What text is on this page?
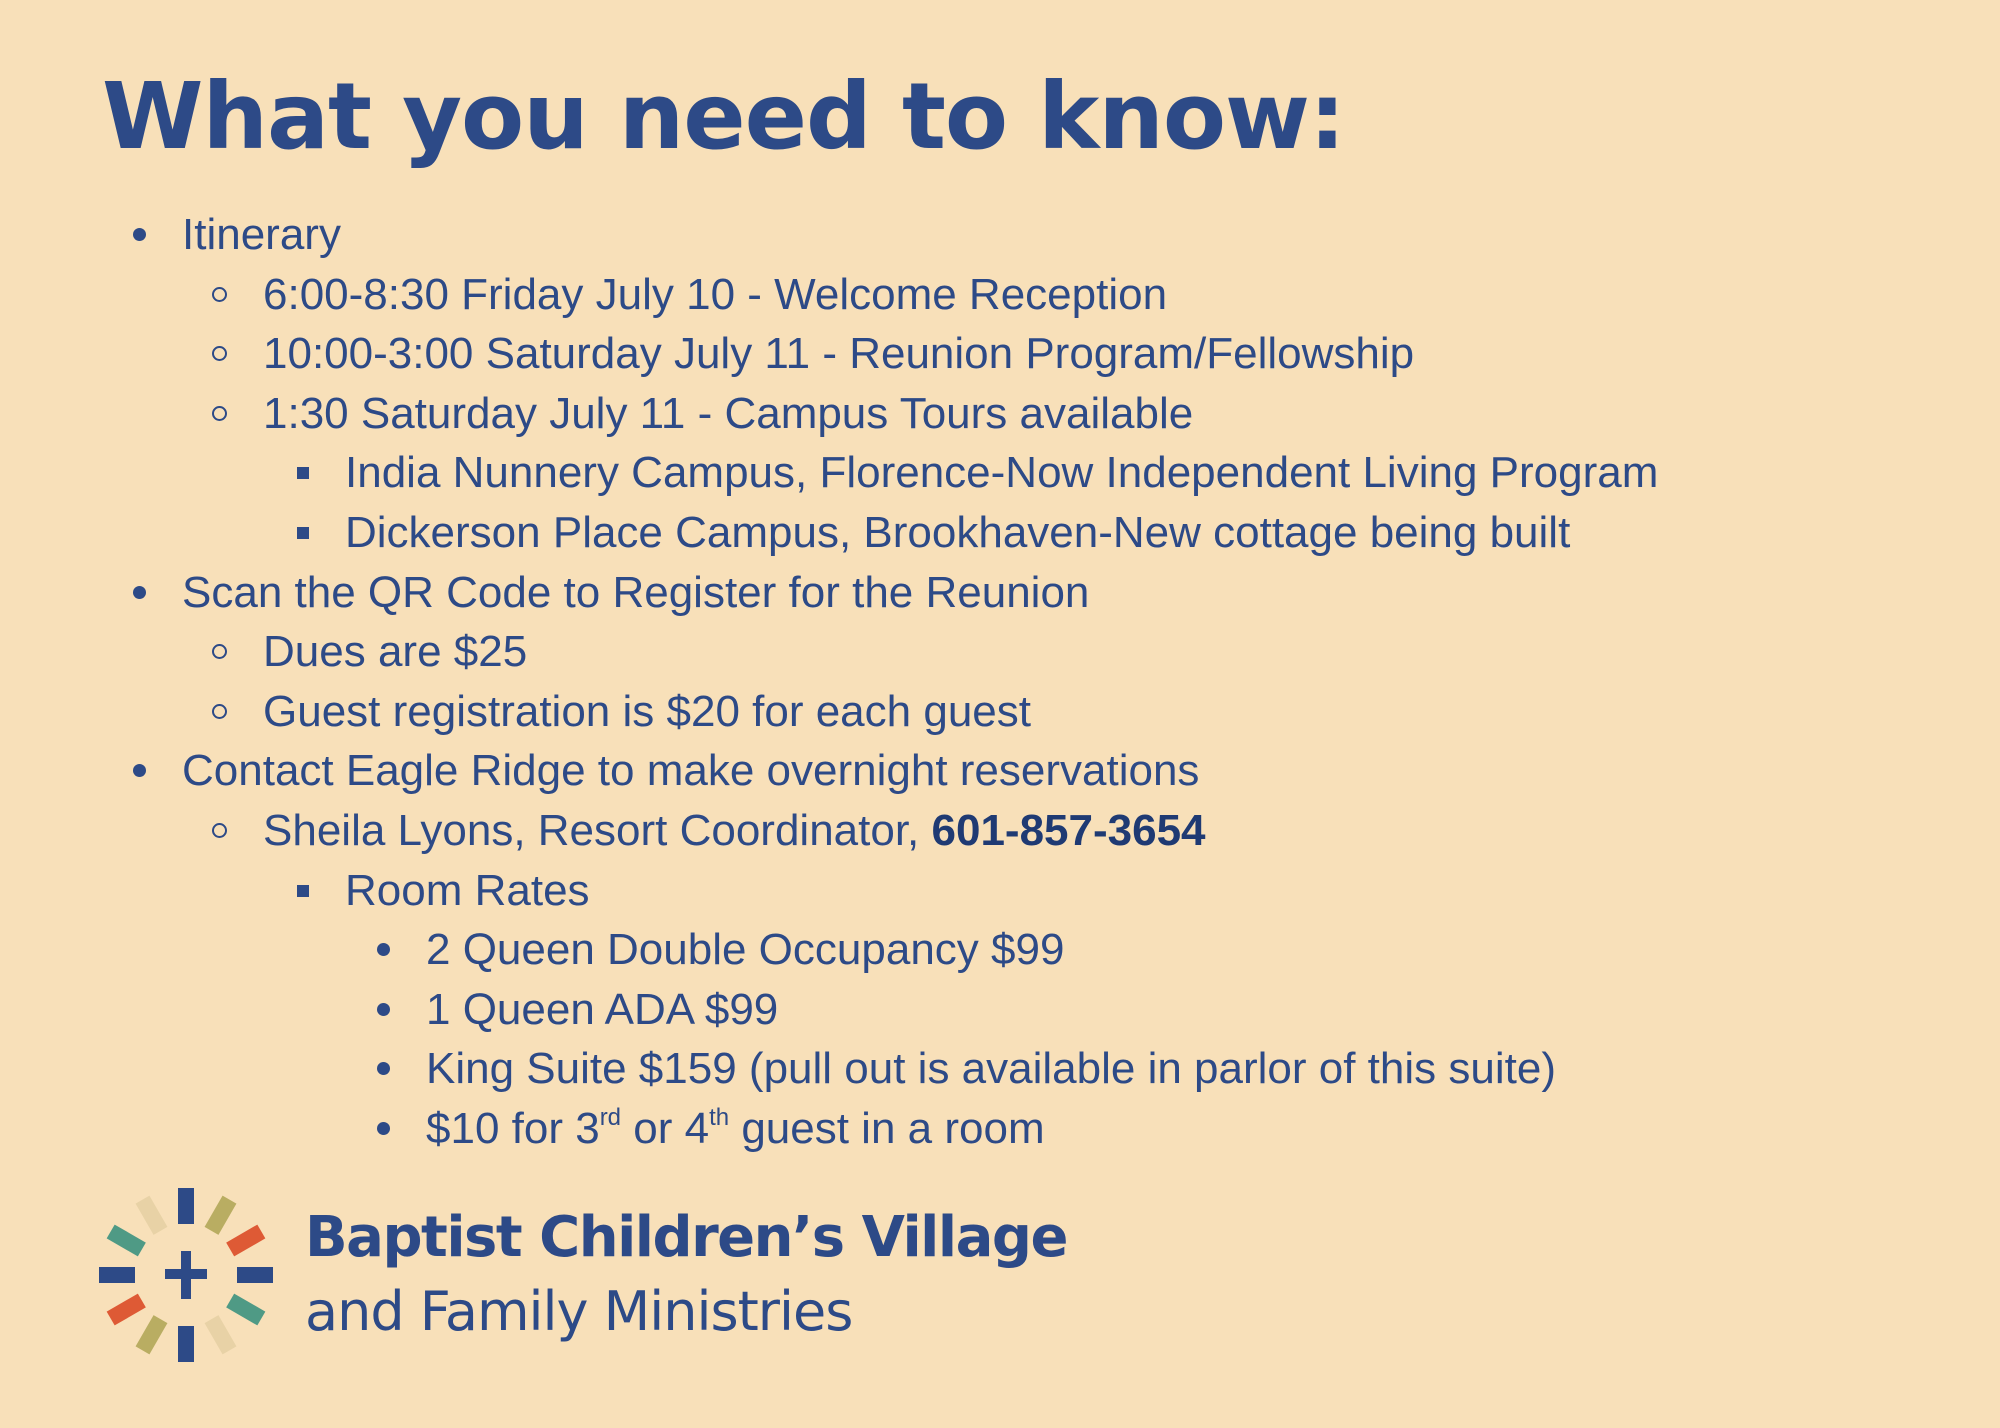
What you need to know:
Itinerary
6:00-8:30 Friday July 10 - Welcome Reception
10:00-3:00 Saturday July 11 - Reunion Program/Fellowship
1:30 Saturday July 11 - Campus Tours available
India Nunnery Campus, Florence-Now Independent Living Program
Dickerson Place Campus, Brookhaven-New cottage being built
Scan the QR Code to Register for the Reunion
Dues are $25
Guest registration is $20 for each guest
Contact Eagle Ridge to make overnight reservations
Sheila Lyons, Resort Coordinator, 601-857-3654
Room Rates
2 Queen Double Occupancy $99
1 Queen ADA $99
King Suite $159 (pull out is available in parlor of this suite)
$10 for 3rd or 4th guest in a room

Baptist Children’s Village

and Family Ministries
